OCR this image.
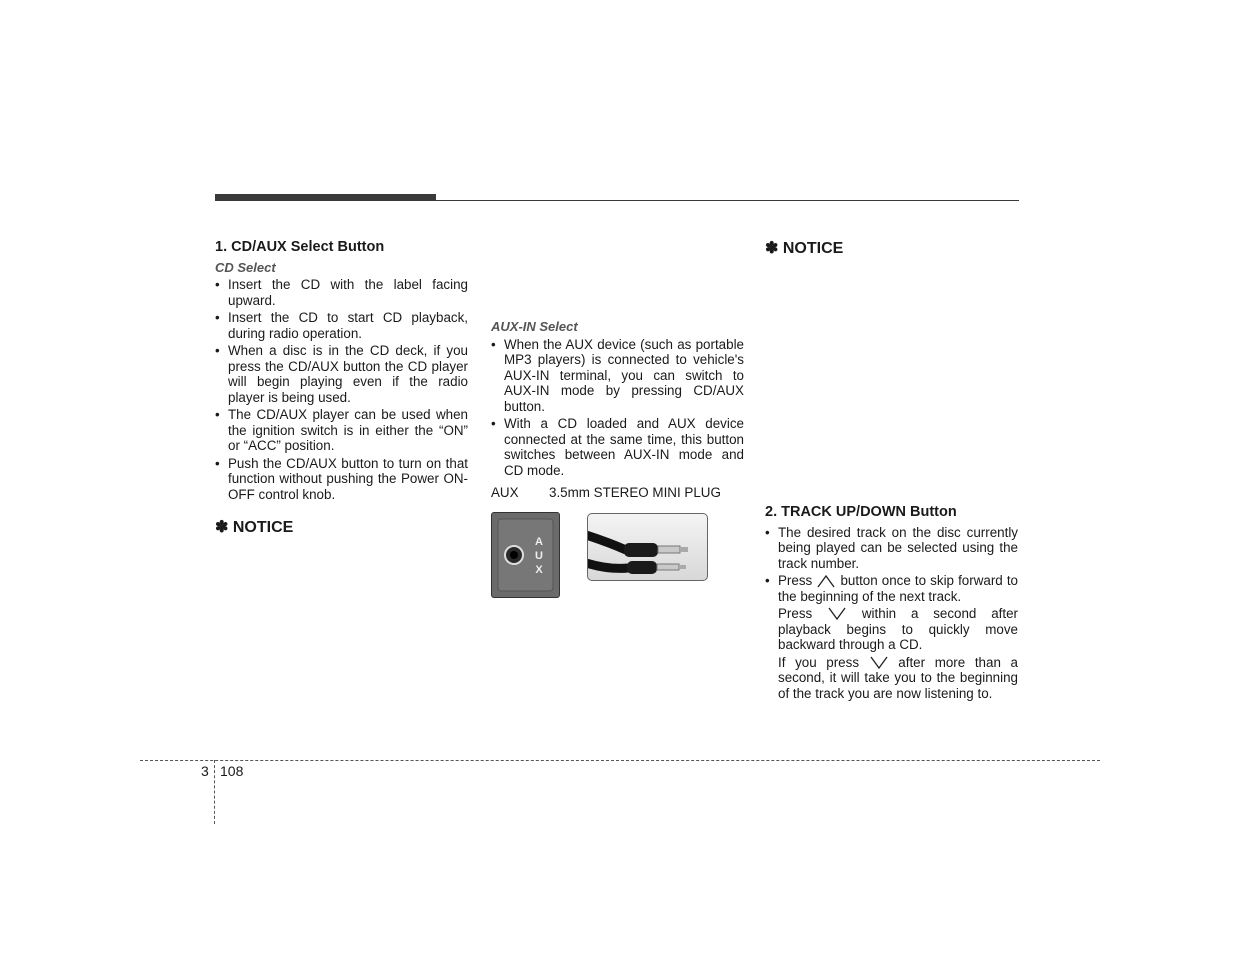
1. CD/AUX Select Button
CD Select
• Insert the CD with the label facing upward.
• Insert the CD to start CD playback, during radio operation.
• When a disc is in the CD deck, if you press the CD/AUX button the CD player will begin playing even if the radio player is being used.
• The CD/AUX player can be used when the ignition switch is in either the “ON” or “ACC” position.
• Push the CD/AUX button to turn on that function without pushing the Power ON-OFF control knob.
✽ NOTICE
AUX-IN Select
• When the AUX device (such as portable MP3 players) is connected to vehicle's AUX-IN terminal, you can switch to AUX-IN mode by pressing CD/AUX button.
• With a CD loaded and AUX device connected at the same time, this button switches between AUX-IN mode and CD mode.
AUX 3.5mm STEREO MINI PLUG
A U X
✽ NOTICE
2. TRACK UP/DOWN Button
• The desired track on the disc currently being played can be selected using the track number.
• Press button once to skip forward to the beginning of the next track.
Press	within a second after playback begins to quickly move backward through a CD.
If you press	after more than a second, it will take you to the beginning of the track you are now listening to.
3 108
